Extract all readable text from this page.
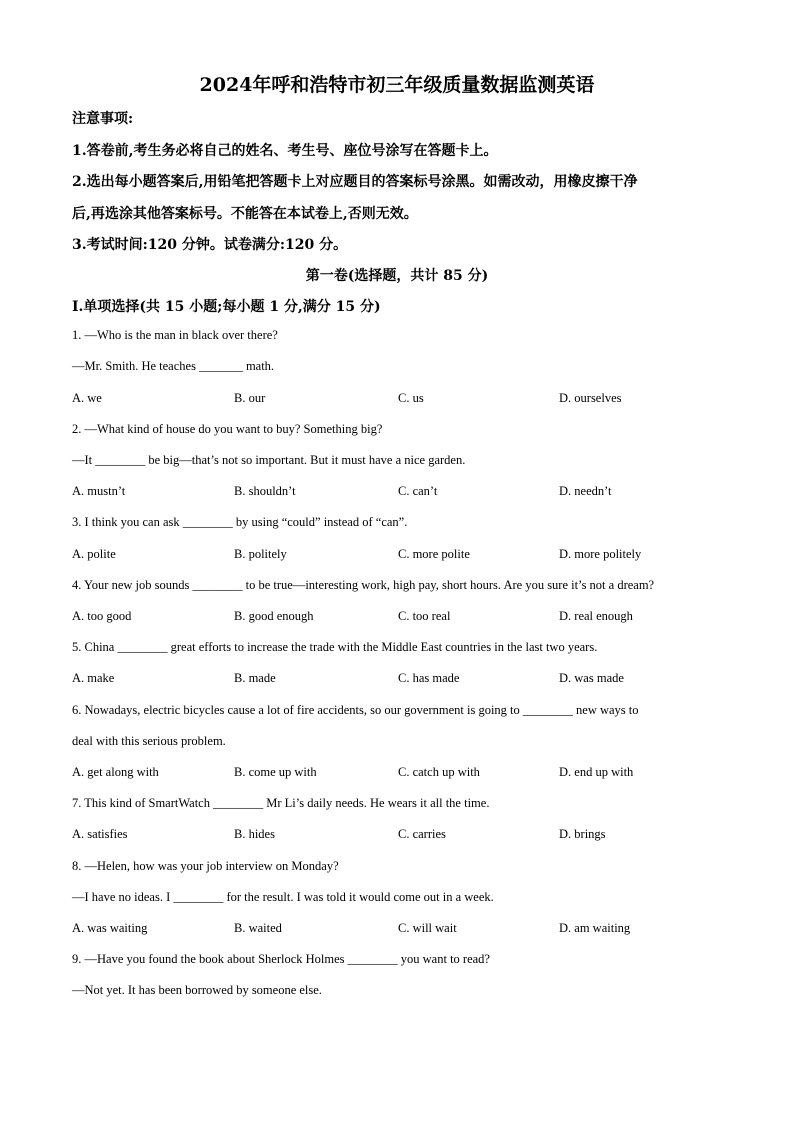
2024年呼和浩特市初三年级质量数据监测英语
注意事项:
1.答卷前,考生务必将自己的姓名、考生号、座位号涂写在答题卡上。
2.选出每小题答案后,用铅笔把答题卡上对应题目的答案标号涂黑。如需改动，用橡皮擦干净
后,再选涂其他答案标号。不能答在本试卷上,否则无效。
3.考试时间:120 分钟。试卷满分:120 分。
第一卷(选择题，共计 85 分)
Ⅰ.单项选择(共 15 小题;每小题 1 分,满分 15 分)
1. —Who is the man in black over there?
—Mr. Smith. He teaches _______ math.
A. we	B. our	C. us	D. ourselves
2. —What kind of house do you want to buy? Something big?
—It ________ be big—that’s not so important. But it must have a nice garden.
A. mustn’t	B. shouldn’t	C. can’t	D. needn’t
3. I think you can ask ________ by using “could” instead of “can”.
A. polite	B. politely	C. more polite	D. more politely
4. Your new job sounds ________ to be true—interesting work, high pay, short hours. Are you sure it’s not a dream?
A. too good	B. good enough	C. too real	D. real enough
5. China ________ great efforts to increase the trade with the Middle East countries in the last two years.
A. make	B. made	C. has made	D. was made
6. Nowadays, electric bicycles cause a lot of fire accidents, so our government is going to ________ new ways to
deal with this serious problem.
A. get along with	B. come up with	C. catch up with	D. end up with
7. This kind of SmartWatch ________ Mr Li’s daily needs. He wears it all the time.
A. satisfies	B. hides	C. carries	D. brings
8. —Helen, how was your job interview on Monday?
—I have no ideas. I ________ for the result. I was told it would come out in a week.
A. was waiting	B. waited	C. will wait	D. am waiting
9. —Have you found the book about Sherlock Holmes ________ you want to read?
—Not yet. It has been borrowed by someone else.
